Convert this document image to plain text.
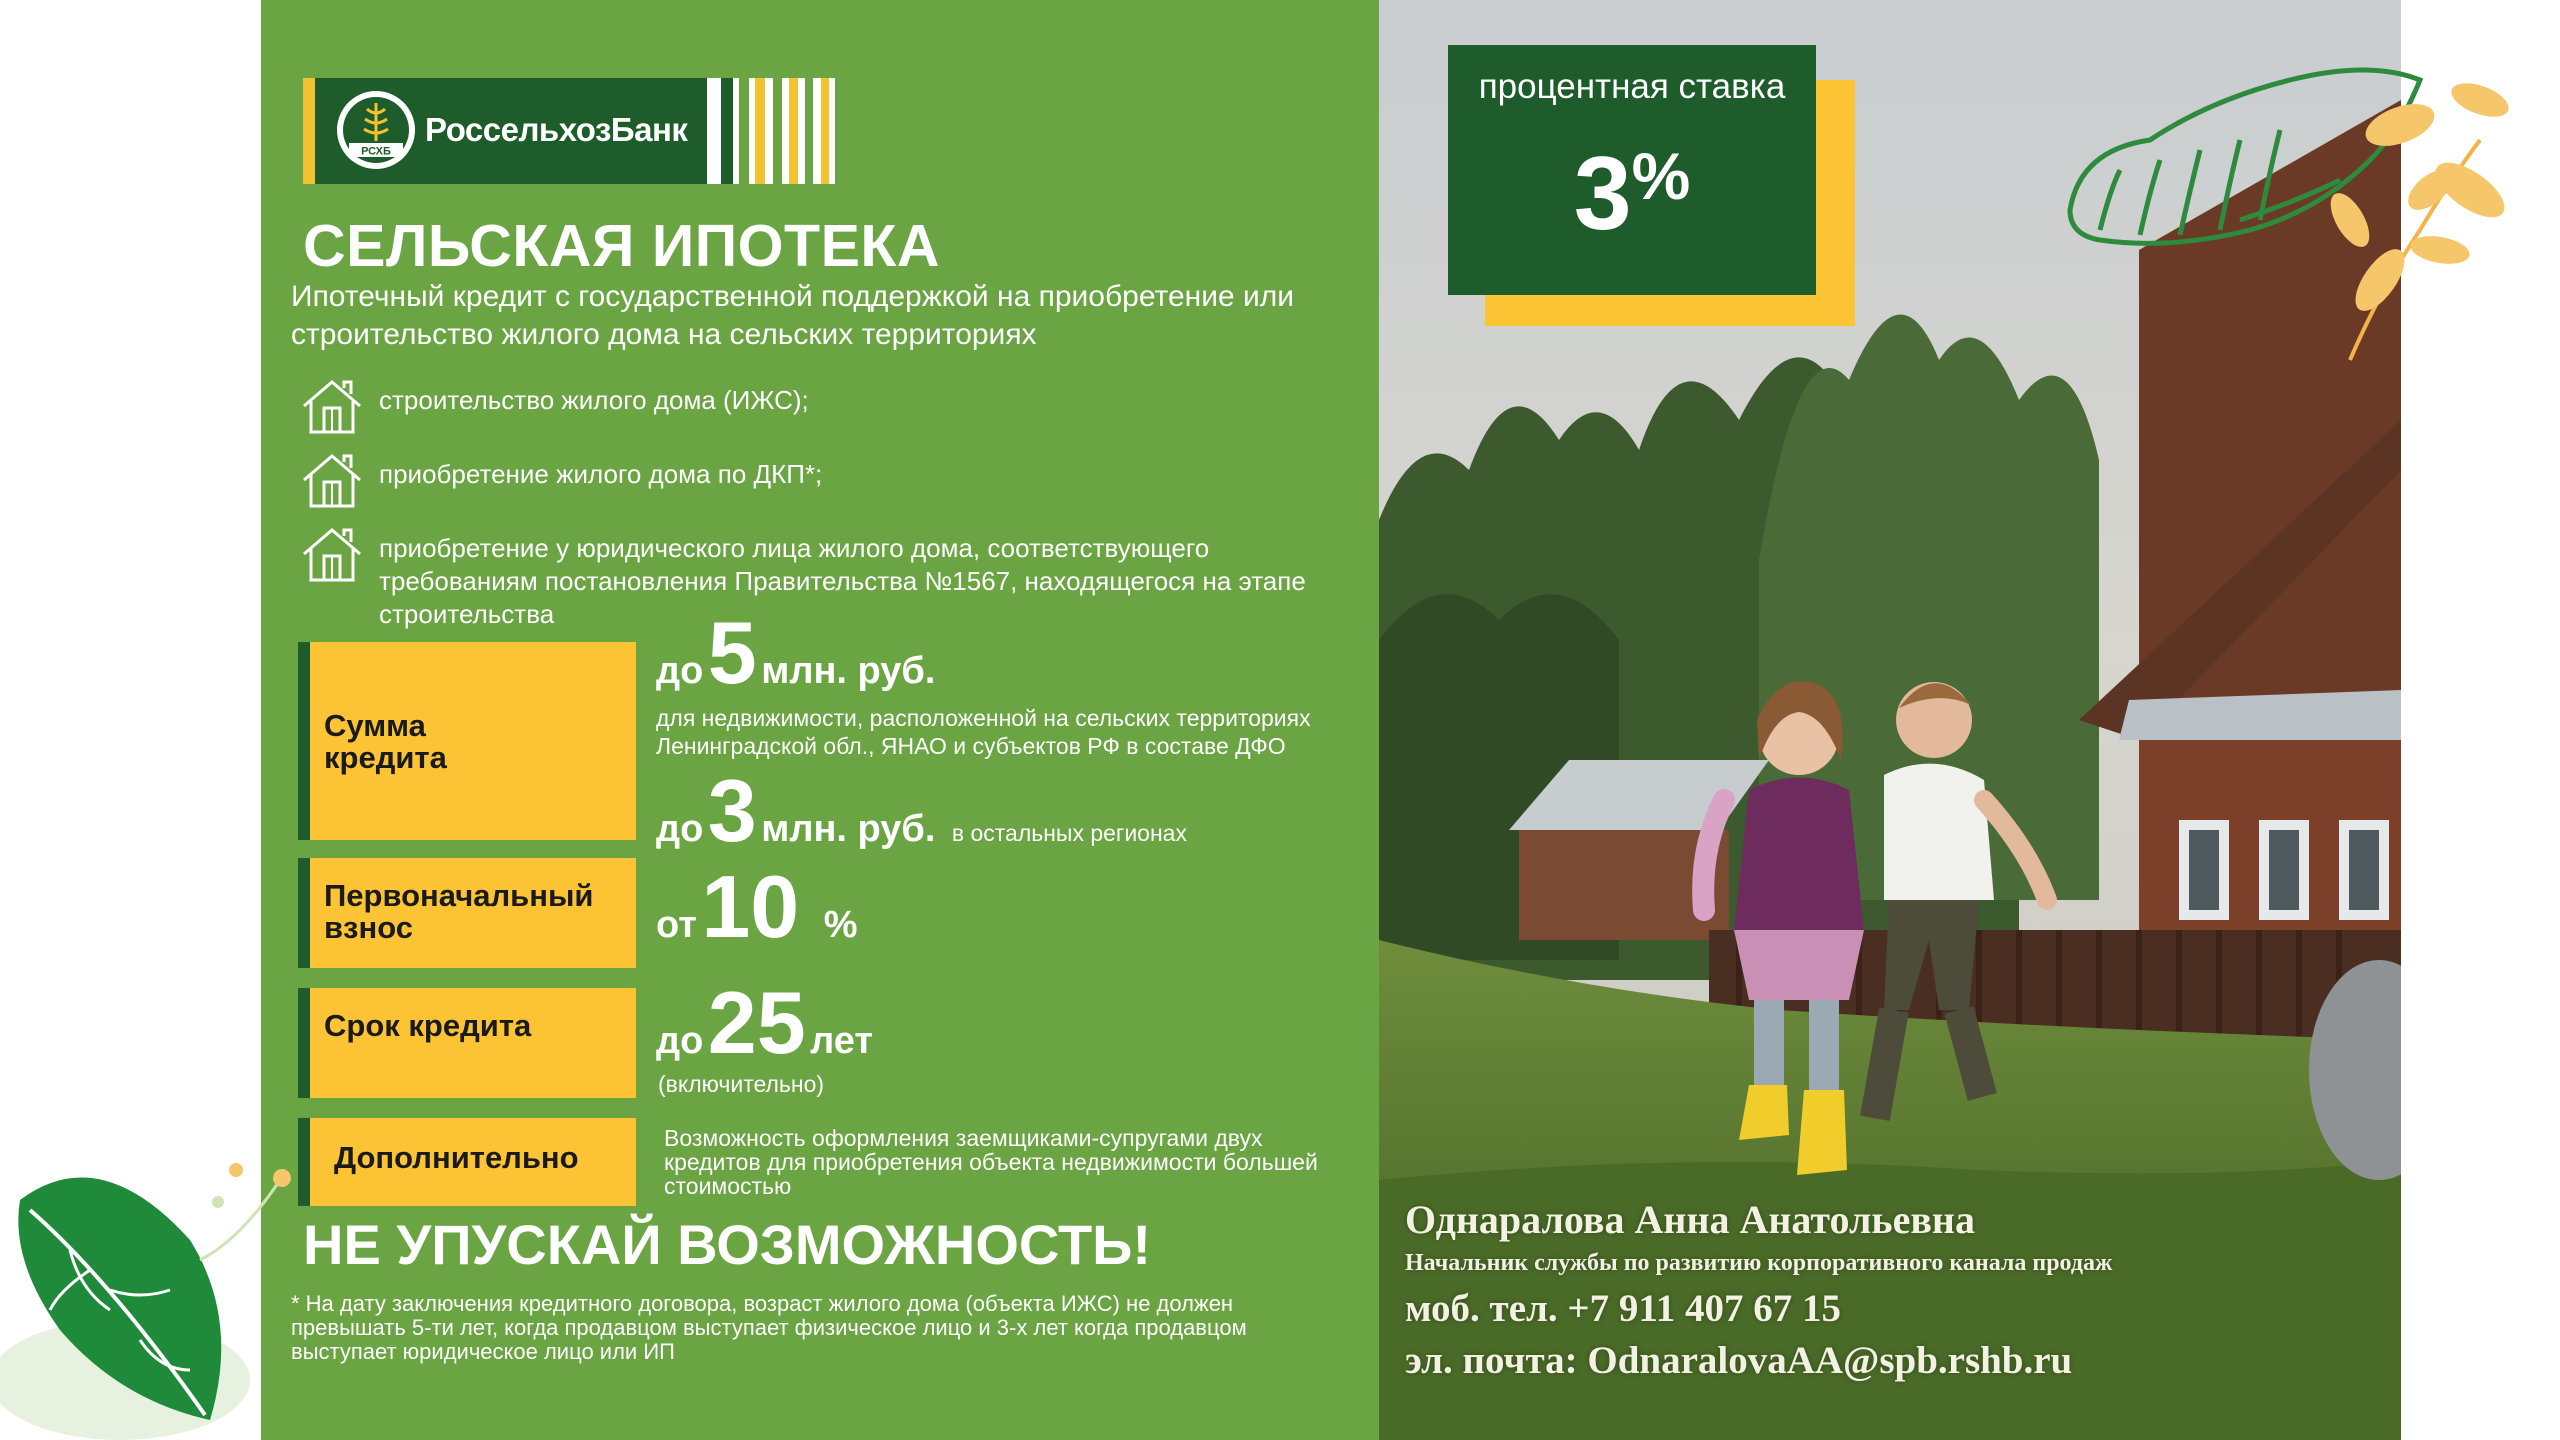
РСХБ
РоссельхозБанк
СЕЛЬСКАЯ ИПОТЕКА
Ипотечный кредит с государственной поддержкой на приобретение или строительство жилого дома на сельских территориях
строительство жилого дома (ИЖС);
приобретение жилого дома по ДКП*;
приобретение у юридического лица жилого дома, соответствующего требованиям постановления Правительства №1567, находящегося на этапе строительства
Сумма кредита
Первоначальный взнос
Срок кредита
Дополнительно
до 5 млн. руб.
для недвижимости, расположенной на сельских территориях Ленинградской обл., ЯНАО и субъектов РФ в составе ДФО
до 3 млн. руб. в остальных регионах
от 10 %
до 25 лет
(включительно)
Возможность оформления заемщиками-супругами двух кредитов для приобретения объекта недвижимости большей стоимостью
НЕ УПУСКАЙ ВОЗМОЖНОСТЬ!
* На дату заключения кредитного договора, возраст жилого дома (объекта ИЖС) не должен превышать 5-ти лет, когда продавцом выступает физическое лицо и 3-х лет когда продавцом выступает юридическое лицо или ИП
процентная ставка
3%
Однаралова Анна Анатольевна
Начальник службы по развитию корпоративного канала продаж
моб. тел. +7 911 407 67 15
эл. почта: OdnaralovaAA@spb.rshb.ru
